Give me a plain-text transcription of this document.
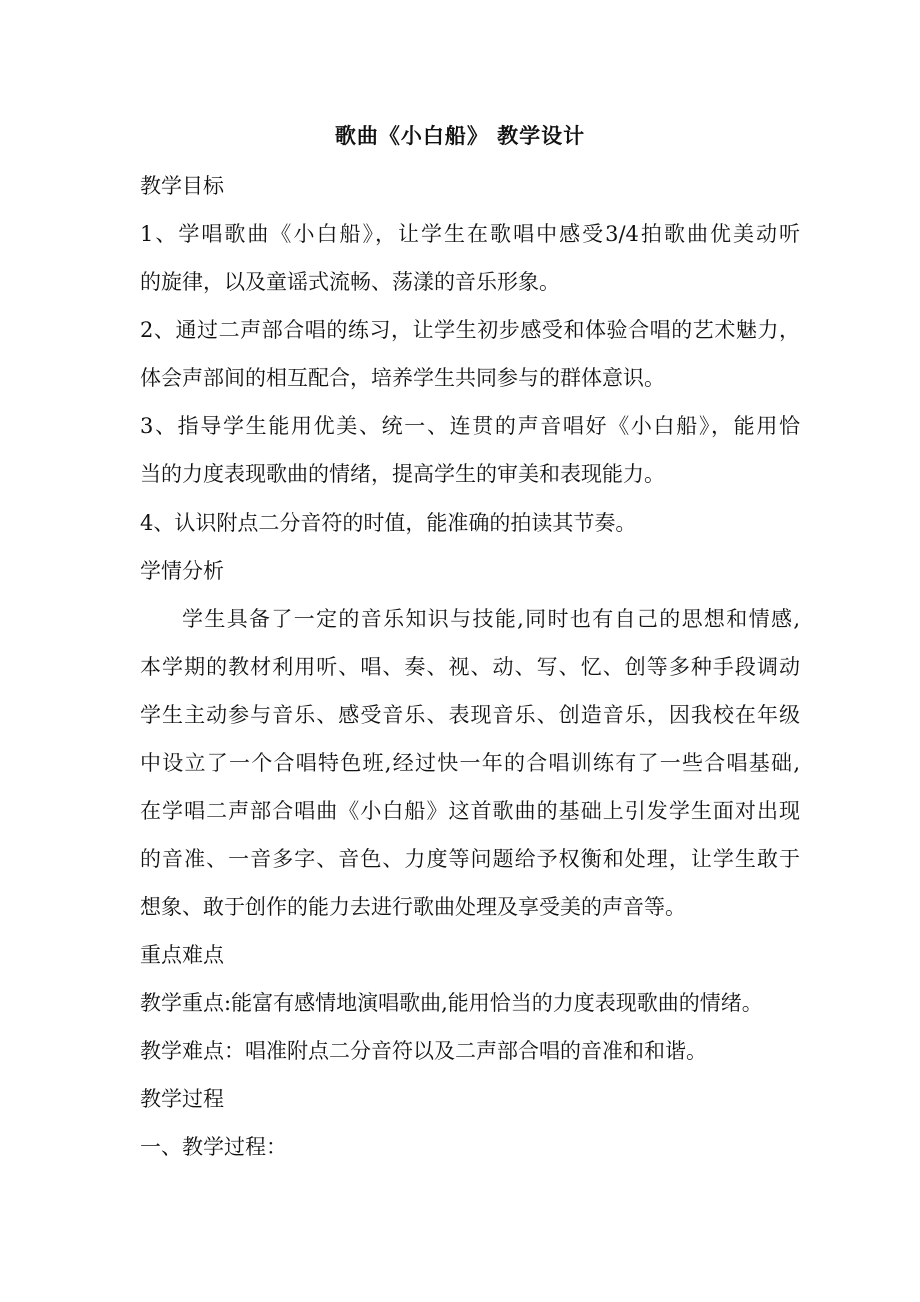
歌曲《小白船》 教学设计
教学目标
1、学唱歌曲《小白船》，让学生在歌唱中感受3/4拍歌曲优美动听
的旋律，以及童谣式流畅、荡漾的音乐形象。
2、通过二声部合唱的练习，让学生初步感受和体验合唱的艺术魅力，
体会声部间的相互配合，培养学生共同参与的群体意识。
3、指导学生能用优美、统一、连贯的声音唱好《小白船》，能用恰
当的力度表现歌曲的情绪，提高学生的审美和表现能力。
4、认识附点二分音符的时值，能准确的拍读其节奏。
学情分析
学生具备了一定的音乐知识与技能,同时也有自己的思想和情感,
本学期的教材利用听、唱、奏、视、动、写、忆、创等多种手段调动
学生主动参与音乐、感受音乐、表现音乐、创造音乐，因我校在年级
中设立了一个合唱特色班,经过快一年的合唱训练有了一些合唱基础,
在学唱二声部合唱曲《小白船》这首歌曲的基础上引发学生面对出现
的音准、一音多字、音色、力度等问题给予权衡和处理，让学生敢于
想象、敢于创作的能力去进行歌曲处理及享受美的声音等。
重点难点
教学重点:能富有感情地演唱歌曲,能用恰当的力度表现歌曲的情绪。
教学难点：唱准附点二分音符以及二声部合唱的音准和和谐。
教学过程
一、教学过程：
